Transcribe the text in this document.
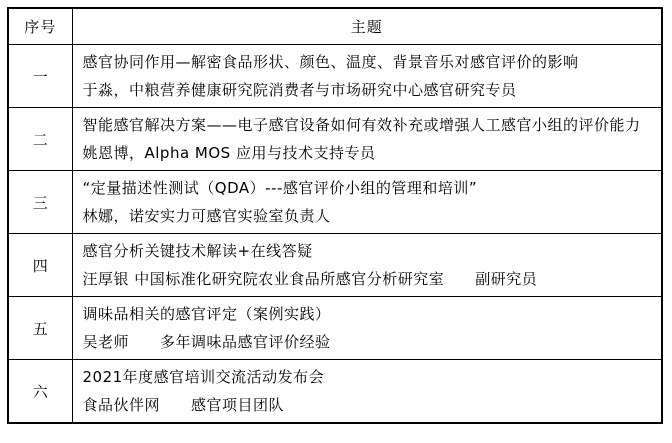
序号	主题
一	感官协同作用—解密食品形状、颜色、温度、背景音乐对感官评价的影响
于淼，中粮营养健康研究院消费者与市场研究中心感官研究专员

二	智能感官解决方案——电子感官设备如何有效补充或增强人工感官小组的评价能力
姚恩博，Alpha MOS 应用与技术支持专员

三	“定量描述性测试（QDA）---感官评价小组的管理和培训”
林娜，诺安实力可感官实验室负责人

四	感官分析关键技术解读+在线答疑
汪厚银 中国标准化研究院农业食品所感官分析研究室　　副研究员

五	调味品相关的感官评定（案例实践）
吴老师　　多年调味品感官评价经验

六	2021年度感官培训交流活动发布会
食品伙伴网　　感官项目团队
